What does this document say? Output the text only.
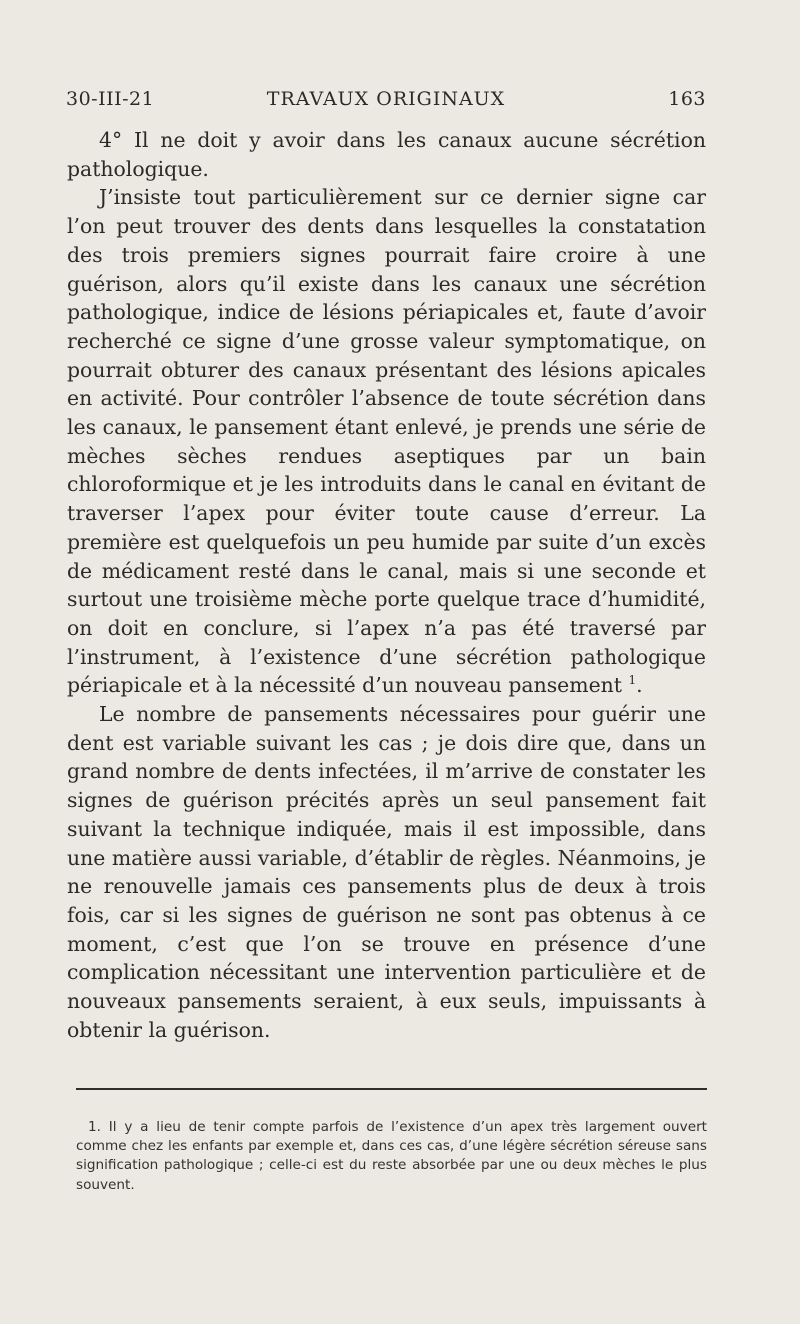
30-III-21	TRAVAUX ORIGINAUX	163

4° Il ne doit y avoir dans les canaux aucune sécrétion pathologique.

J’insiste tout particulièrement sur ce dernier signe car l’on peut trouver des dents dans lesquelles la constatation des trois premiers signes pourrait faire croire à une guérison, alors qu’il existe dans les canaux une sécrétion pathologique, indice de lésions périapicales et, faute d’avoir recherché ce signe d’une grosse valeur symptomatique, on pourrait obturer des canaux présentant des lésions apicales en activité. Pour contrôler l’absence de toute sécrétion dans les canaux, le pansement étant enlevé, je prends une série de mèches sèches rendues aseptiques par un bain chloroformique et je les introduits dans le canal en évitant de traverser l’apex pour éviter toute cause d’erreur. La première est quelquefois un peu humide par suite d’un excès de médicament resté dans le canal, mais si une seconde et surtout une troisième mèche porte quelque trace d’humidité, on doit en conclure, si l’apex n’a pas été traversé par l’instrument, à l’existence d’une sécrétion pathologique périapicale et à la nécessité d’un nouveau pansement $^1$.

Le nombre de pansements nécessaires pour guérir une dent est variable suivant les cas ; je dois dire que, dans un grand nombre de dents infectées, il m’arrive de constater les signes de guérison précités après un seul pansement fait suivant la technique indiquée, mais il est impossible, dans une matière aussi variable, d’établir de règles. Néanmoins, je ne renouvelle jamais ces pansements plus de deux à trois fois, car si les signes de guérison ne sont pas obtenus à ce moment, c’est que l’on se trouve en présence d’une complication nécessitant une intervention particulière et de nouveaux pansements seraient, à eux seuls, impuissants à obtenir la guérison.

1. Il y a lieu de tenir compte parfois de l’existence d’un apex très largement ouvert comme chez les enfants par exemple et, dans ces cas, d’une légère sécrétion séreuse sans signification pathologique ; celle-ci est du reste absorbée par une ou deux mèches le plus souvent.
